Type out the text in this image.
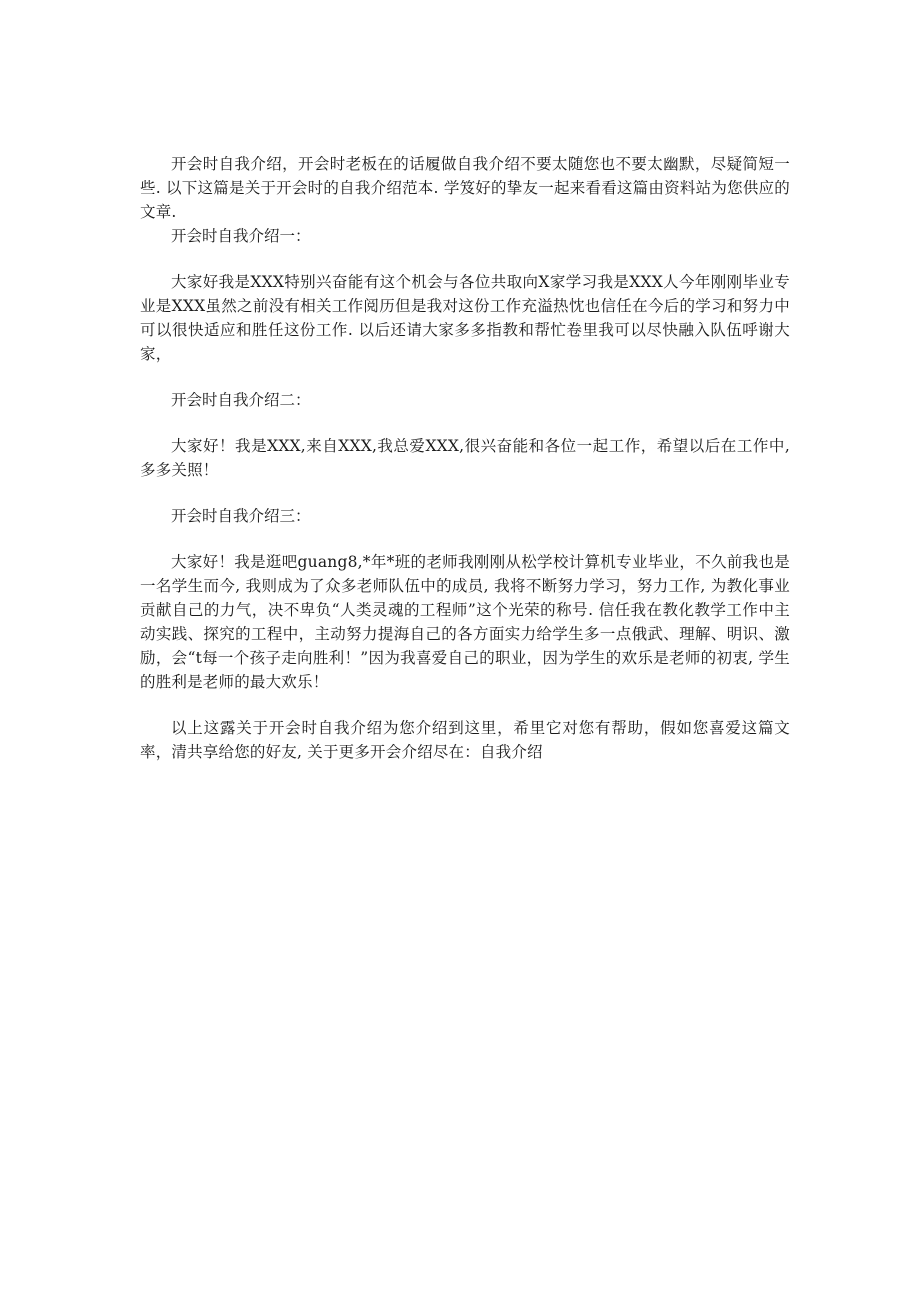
开会时自我介绍，开会时老板在的话履做自我介绍不要太随您也不要太幽默，尽疑简短一些. 以下这篇是关于开会时的自我介绍范本. 学笈好的挚友一起来看看这篇由资料站为您供应的文章.

开会时自我介绍一：

大家好我是XXX特别兴奋能有这个机会与各位共取向X家学习我是XXX人今年刚刚毕业专业是XXX虽然之前没有相关工作阅历但是我对这份工作充溢热忱也信任在今后的学习和努力中可以很快适应和胜任这份工作. 以后还请大家多多指教和帮忙卷里我可以尽快融入队伍呼谢大家，

开会时自我介绍二：

大家好！我是XXX,来自XXX,我总爱XXX,很兴奋能和各位一起工作，希望以后在工作中, 多多关照！

开会时自我介绍三：

大家好！我是逛吧guang8,*年*班的老师我刚刚从松学校计算机专业毕业，不久前我也是一名学生而今, 我则成为了众多老师队伍中的成员, 我将不断努力学习，努力工作, 为教化事业贡献自己的力气，决不卑负“人类灵魂的工程师”这个光荣的称号. 信任我在教化教学工作中主动实践、探究的工程中，主动努力提海自己的各方面实力给学生多一点俄武、理解、明识、激励，会“t每一个孩子走向胜利！”因为我喜爱自己的职业，因为学生的欢乐是老师的初衷, 学生的胜利是老师的最大欢乐！

以上这露关于开会时自我介绍为您介绍到这里，希里它对您有帮助，假如您喜爱这篇文率，清共享给您的好友, 关于更多开会介绍尽在：自我介绍
